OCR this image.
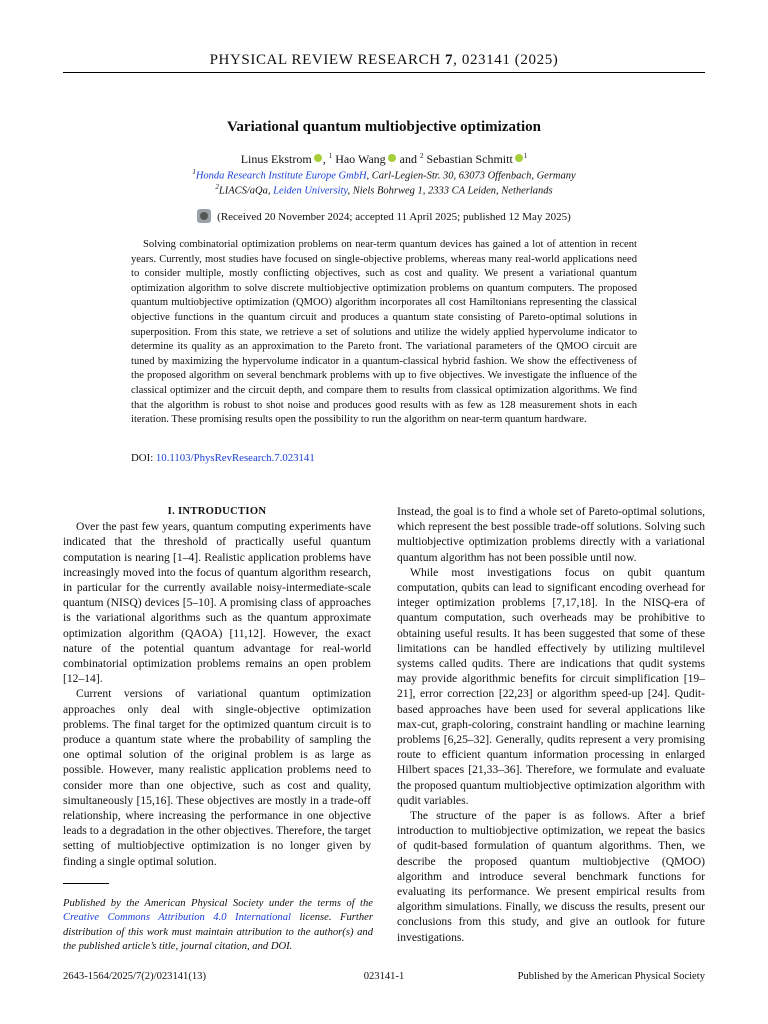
PHYSICAL REVIEW RESEARCH 7, 023141 (2025)
Variational quantum multiobjective optimization
Linus Ekstrom , $^1$ Hao Wang and $^2$ Sebastian Schmitt $^1$
$^1$Honda Research Institute Europe GmbH, Carl-Legien-Str. 30, 63073 Offenbach, Germany
$^2$LIACS/aQa, Leiden University, Niels Bohrweg 1, 2333 CA Leiden, Netherlands
(Received 20 November 2024; accepted 11 April 2025; published 12 May 2025)

Solving combinatorial optimization problems on near-term quantum devices has gained a lot of attention in recent years. Currently, most studies have focused on single-objective problems, whereas many real-world applications need to consider multiple, mostly conflicting objectives, such as cost and quality. We present a variational quantum optimization algorithm to solve discrete multiobjective optimization problems on quantum computers. The proposed quantum multiobjective optimization (QMOO) algorithm incorporates all cost Hamiltonians representing the classical objective functions in the quantum circuit and produces a quantum state consisting of Pareto-optimal solutions in superposition. From this state, we retrieve a set of solutions and utilize the widely applied hypervolume indicator to determine its quality as an approximation to the Pareto front. The variational parameters of the QMOO circuit are tuned by maximizing the hypervolume indicator in a quantum-classical hybrid fashion. We show the effectiveness of the proposed algorithm on several benchmark problems with up to five objectives. We investigate the influence of the classical optimizer and the circuit depth, and compare them to results from classical optimization algorithms. We find that the algorithm is robust to shot noise and produces good results with as few as 128 measurement shots in each iteration. These promising results open the possibility to run the algorithm on near-term quantum hardware.

DOI: 10.1103/PhysRevResearch.7.023141

I. INTRODUCTION

Over the past few years, quantum computing experiments have indicated that the threshold of practically useful quantum computation is nearing [1–4]. Realistic application problems have increasingly moved into the focus of quantum algorithm research, in particular for the currently available noisy-intermediate-scale quantum (NISQ) devices [5–10]. A promising class of approaches is the variational algorithms such as the quantum approximate optimization algorithm (QAOA) [11,12]. However, the exact nature of the potential quantum advantage for real-world combinatorial optimization problems remains an open problem [12–14].

Current versions of variational quantum optimization approaches only deal with single-objective optimization problems. The final target for the optimized quantum circuit is to produce a quantum state where the probability of sampling the one optimal solution of the original problem is as large as possible. However, many realistic application problems need to consider more than one objective, such as cost and quality, simultaneously [15,16]. These objectives are mostly in a trade-off relationship, where increasing the performance in one objective leads to a degradation in the other objectives. Therefore, the target setting of multiobjective optimization is no longer given by finding a single optimal solution.

Instead, the goal is to find a whole set of Pareto-optimal solutions, which represent the best possible trade-off solutions. Solving such multiobjective optimization problems directly with a variational quantum algorithm has not been possible until now.

While most investigations focus on qubit quantum computation, qubits can lead to significant encoding overhead for integer optimization problems [7,17,18]. In the NISQ-era of quantum computation, such overheads may be prohibitive to obtaining useful results. It has been suggested that some of these limitations can be handled effectively by utilizing multilevel systems called qudits. There are indications that qudit systems may provide algorithmic benefits for circuit simplification [19–21], error correction [22,23] or algorithm speed-up [24]. Qudit-based approaches have been used for several applications like max-cut, graph-coloring, constraint handling or machine learning problems [6,25–32]. Generally, qudits represent a very promising route to efficient quantum information processing in enlarged Hilbert spaces [21,33–36]. Therefore, we formulate and evaluate the proposed quantum multiobjective optimization algorithm with qudit variables.

The structure of the paper is as follows. After a brief introduction to multiobjective optimization, we repeat the basics of qudit-based formulation of quantum algorithms. Then, we describe the proposed quantum multiobjective (QMOO) algorithm and introduce several benchmark functions for evaluating its performance. We present empirical results from algorithm simulations. Finally, we discuss the results, present our conclusions from this study, and give an outlook for future investigations.

Published by the American Physical Society under the terms of the Creative Commons Attribution 4.0 International license. Further distribution of this work must maintain attribution to the author(s) and the published article’s title, journal citation, and DOI.
2643-1564/2025/7(2)/023141(13)	023141-1	Published by the American Physical Society
